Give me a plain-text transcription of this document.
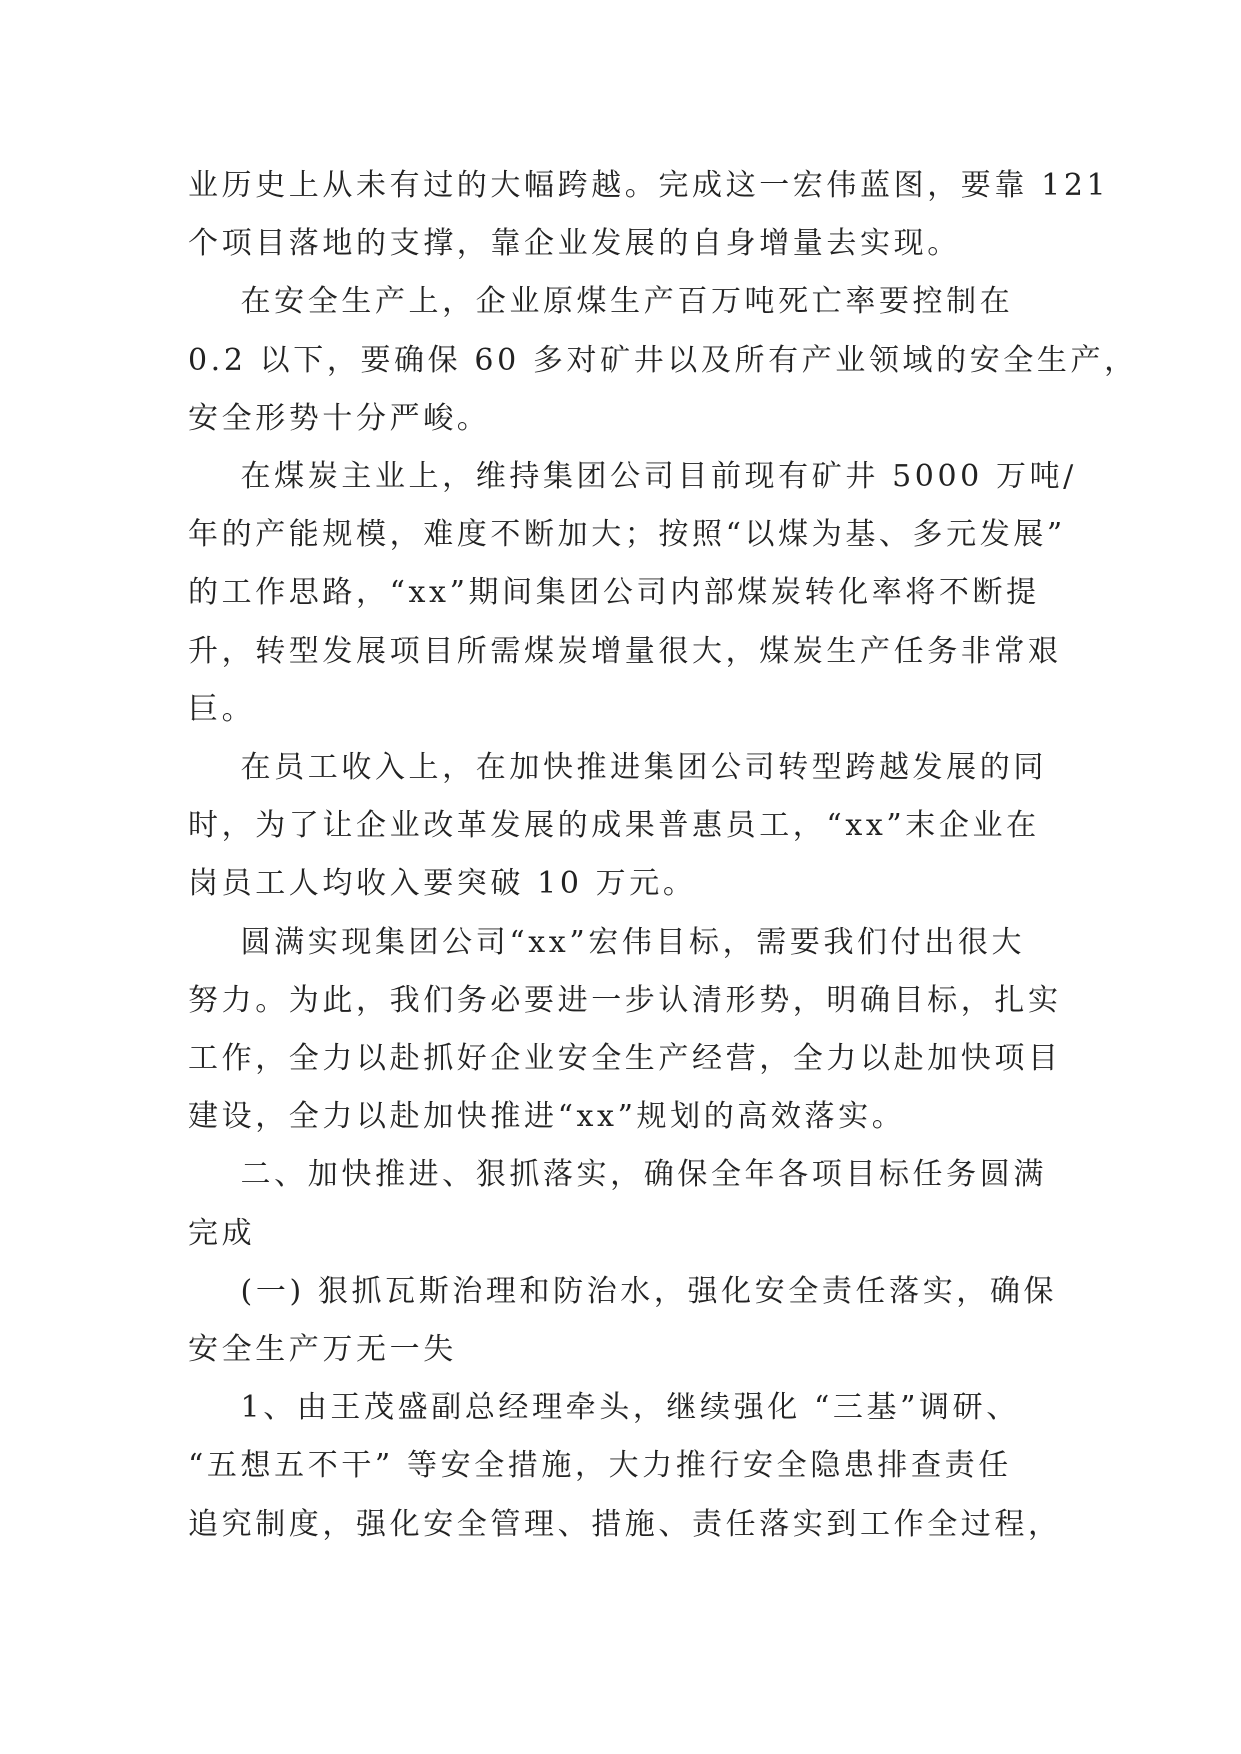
业历史上从未有过的大幅跨越。完成这一宏伟蓝图，要靠 121
个项目落地的支撑，靠企业发展的自身增量去实现。

在安全生产上，企业原煤生产百万吨死亡率要控制在
0.2 以下，要确保 60 多对矿井以及所有产业领域的安全生产，
安全形势十分严峻。

在煤炭主业上，维持集团公司目前现有矿井 5000 万吨/
年的产能规模，难度不断加大；按照“以煤为基、多元发展”
的工作思路，“xx”期间集团公司内部煤炭转化率将不断提
升，转型发展项目所需煤炭增量很大，煤炭生产任务非常艰
巨。

在员工收入上，在加快推进集团公司转型跨越发展的同
时，为了让企业改革发展的成果普惠员工，“xx”末企业在
岗员工人均收入要突破 10 万元。

圆满实现集团公司“xx”宏伟目标，需要我们付出很大
努力。为此，我们务必要进一步认清形势，明确目标，扎实
工作，全力以赴抓好企业安全生产经营，全力以赴加快项目
建设，全力以赴加快推进“xx”规划的高效落实。

二、加快推进、狠抓落实，确保全年各项目标任务圆满
完成

(一) 狠抓瓦斯治理和防治水，强化安全责任落实，确保
安全生产万无一失

1、由王茂盛副总经理牵头，继续强化 “三基”调研、
“五想五不干” 等安全措施，大力推行安全隐患排查责任
追究制度，强化安全管理、措施、责任落实到工作全过程，
